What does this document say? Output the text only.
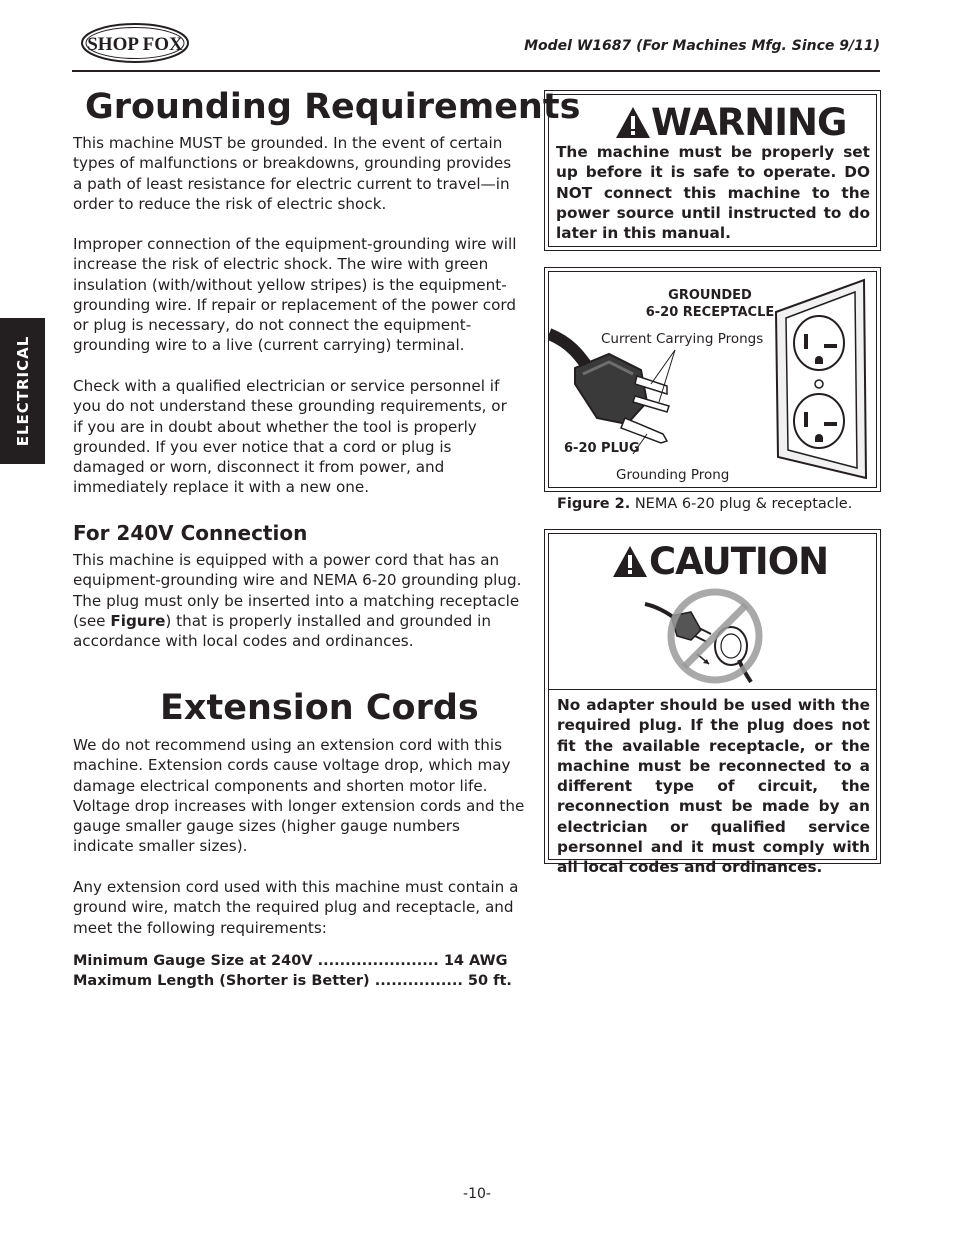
SHOP FOX	Model W1687 (For Machines Mfg. Since 9/11)
ELECTRICAL
Grounding Requirements

This machine MUST be grounded. In the event of certain types of malfunctions or breakdowns, grounding provides a path of least resistance for electric current to travel—in order to reduce the risk of electric shock.

Improper connection of the equipment-grounding wire will increase the risk of electric shock. The wire with green insulation (with/without yellow stripes) is the equipment-grounding wire. If repair or replacement of the power cord or plug is necessary, do not connect the equipment-grounding wire to a live (current carrying) terminal.

Check with a qualified electrician or service personnel if you do not understand these grounding requirements, or if you are in doubt about whether the tool is properly grounded. If you ever notice that a cord or plug is damaged or worn, disconnect it from power, and immediately replace it with a new one.

For 240V Connection

This machine is equipped with a power cord that has an equipment-grounding wire and NEMA 6-20 grounding plug. The plug must only be inserted into a matching receptacle (see Figure) that is properly installed and grounded in accordance with local codes and ordinances.

Extension Cords

We do not recommend using an extension cord with this machine. Extension cords cause voltage drop, which may damage electrical components and shorten motor life. Voltage drop increases with longer extension cords and the gauge smaller gauge sizes (higher gauge numbers indicate smaller sizes).

Any extension cord used with this machine must contain a ground wire, match the required plug and receptacle, and meet the following requirements:

Minimum Gauge Size at 240V ...................... 14 AWG
Maximum Length (Shorter is Better) ................ 50 ft.
WARNING

The machine must be properly set up before it is safe to operate. DO NOT connect this machine to the power source until instructed to do later in this manual.

GROUNDED
6-20 RECEPTACLE
Current Carrying Prongs
6-20 PLUG
Grounding Prong
Figure 2. NEMA 6-20 plug & receptacle.
CAUTION

No adapter should be used with the required plug. If the plug does not fit the available receptacle, or the machine must be reconnected to a different type of circuit, the reconnection must be made by an electrician or qualified service personnel and it must comply with all local codes and ordinances.

-10-
